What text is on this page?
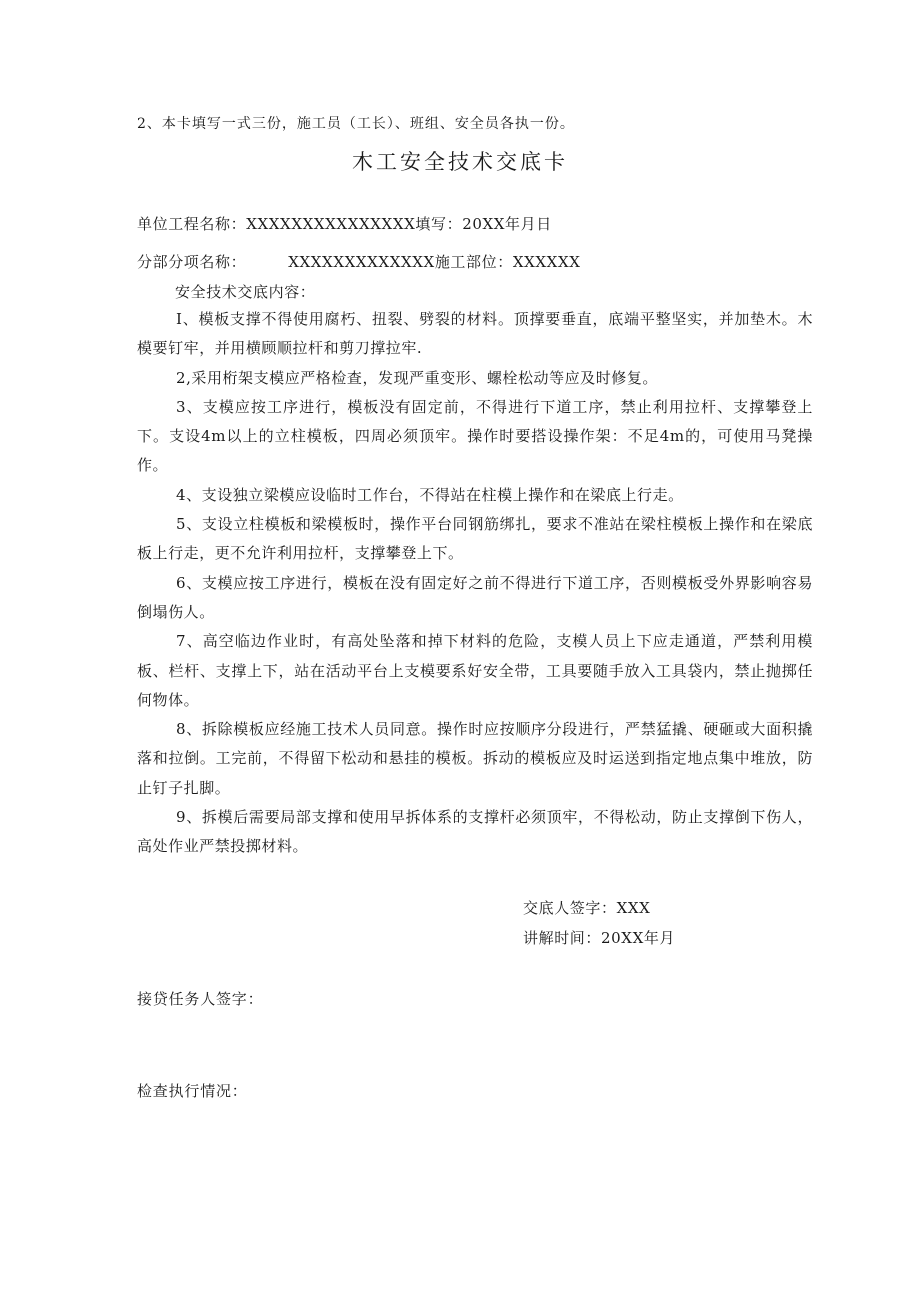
2、本卡填写一式三份，施工员（工长）、班组、安全员各执一份。
木工安全技术交底卡
单位工程名称：XXXXXXXXXXXXXXX填写：20XX年月日
分部分项名称：	XXXXXXXXXXXXX施工部位：XXXXXX
安全技术交底内容：

I、模板支撑不得使用腐朽、扭裂、劈裂的材料。顶撑要垂直，底端平整坚实，并加垫木。木模要钉牢，并用横顾顺拉杆和剪刀撑拉牢.

2,采用桁架支模应严格检查，发现严重变形、螺栓松动等应及时修复。

3、支模应按工序进行，模板没有固定前，不得进行下道工序，禁止利用拉杆、支撑攀登上下。支设4m以上的立柱模板，四周必须顶牢。操作时要搭设操作架：不足4m的，可使用马凳操作。

4、支设独立梁模应设临时工作台，不得站在柱模上操作和在梁底上行走。

5、支设立柱模板和梁模板时，操作平台同钢筋绑扎，要求不准站在梁柱模板上操作和在梁底板上行走，更不允许利用拉杆，支撑攀登上下。

6、支模应按工序进行，模板在没有固定好之前不得进行下道工序，否则模板受外界影响容易倒塌伤人。

7、高空临边作业时，有高处坠落和掉下材料的危险，支模人员上下应走通道，严禁利用模板、栏杆、支撑上下，站在活动平台上支模要系好安全带，工具要随手放入工具袋内，禁止抛掷任何物体。

8、拆除模板应经施工技术人员同意。操作时应按顺序分段进行，严禁猛撬、硬砸或大面积撬落和拉倒。工完前，不得留下松动和悬挂的模板。拆动的模板应及时运送到指定地点集中堆放，防止钉子扎脚。

9、拆模后需要局部支撑和使用早拆体系的支撑杆必须顶牢，不得松动，防止支撑倒下伤人，高处作业严禁投掷材料。

交底人签字：XXX
讲解时间：20XX年月
接贷任务人签字：
检查执行情况：
